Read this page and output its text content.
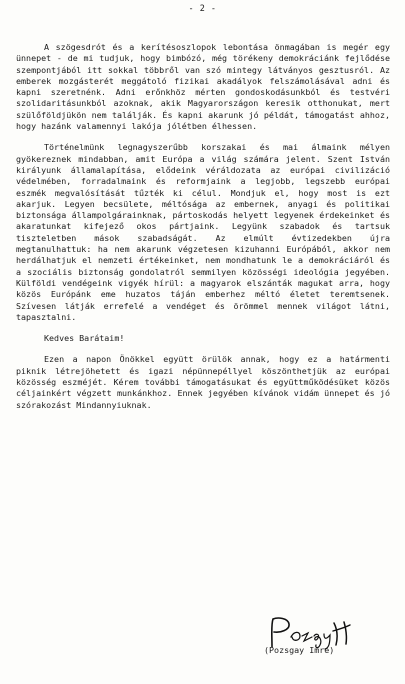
- 2 -

A szögesdrót és a kerítésoszlopok lebontása önmagában is megér egy ünnepet - de mi tudjuk, hogy bimbózó, még törékeny demokráciánk fejlődése szempontjából itt sokkal többről van szó mintegy látványos gesztusról. Az emberek mozgásterét meggátoló fizikai akadályok felszámolásával adni és kapni szeretnénk. Adni erőnkhöz mérten gondoskodásunkból és testvéri szolidaritásunkból azoknak, akik Magyarországon keresik otthonukat, mert szülőföldjükön nem találják. És kapni akarunk jó példát, támogatást ahhoz, hogy hazánk valamennyi lakója jólétben élhessen.

Történelmünk legnagyszerűbb korszakai és mai álmaink mélyen gyökereznek mindabban, amit Európa a világ számára jelent. Szent István királyunk államalapítása, elődeink véráldozata az európai civilizáció védelmében, forradalmaink és reformjaink a legjobb, legszebb európai eszmék megvalósítását tűzték ki célul. Mondjuk el, hogy most is ezt akarjuk. Legyen becsülete, méltósága az embernek, anyagi és politikai biztonsága állampolgárainknak, pártoskodás helyett legyenek érdekeinket és akaratunkat kifejező okos pártjaink. Legyünk szabadok és tartsuk tiszteletben mások szabadságát. Az elmúlt évtizedekben újra megtanulhattuk: ha nem akarunk végzetesen kizuhanni Európából, akkor nem herdálhatjuk el nemzeti értékeinket, nem mondhatunk le a demokráciáról és a szociális biztonság gondolatról semmilyen közösségi ideológia jegyében. Külföldi vendégeink vigyék hírül: a magyarok elszánták magukat arra, hogy közös Európánk eme huzatos táján emberhez méltó életet teremtsenek. Szívesen látják errefelé a vendéget és örömmel mennek világot látni, tapasztalni.

Kedves Barátaim!

Ezen a napon Önökkel együtt örülök annak, hogy ez a határmenti piknik létrejöhetett és igazi népünnepéllyel köszönthetjük az európai közösség eszméjét. Kérem további támogatásukat és együttműködésüket közös céljainkért végzett munkánkhoz. Ennek jegyében kívánok vidám ünnepet és jó szórakozást Mindannyiuknak.

(Pozsgay Imre)
